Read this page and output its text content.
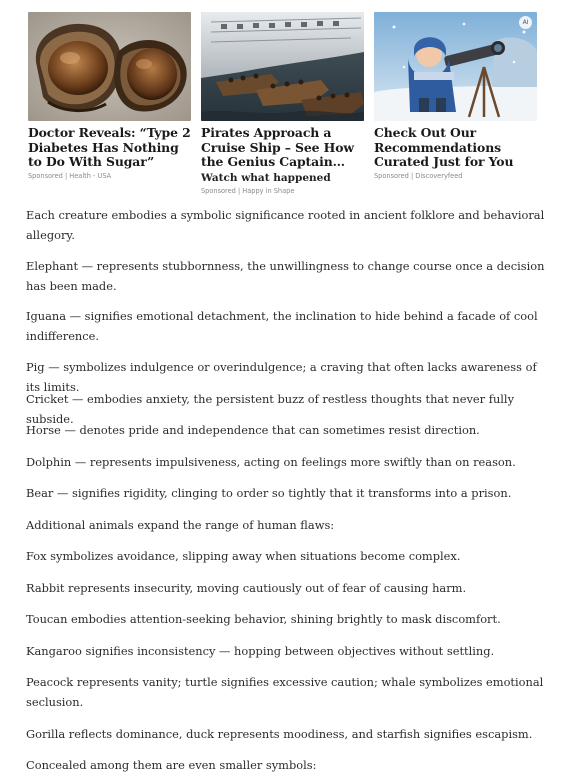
Doctor Reveals: “Type 2 Diabetes Has Nothing to Do With Sugar”
Sponsored | Health - USA
Pirates Approach a Cruise Ship – See How the Genius Captain…
Watch what happened
Sponsored | Happy in Shape
AI
Check Out Our Recommendations Curated Just for You
Sponsored | Discoveryfeed

Each creature embodies a symbolic significance rooted in ancient folklore and behavioral allegory.

Elephant — represents stubbornness, the unwillingness to change course once a decision has been made.

Iguana — signifies emotional detachment, the inclination to hide behind a facade of cool indifference.

Pig — symbolizes indulgence or overindulgence; a craving that often lacks awareness of its limits.

Cricket — embodies anxiety, the persistent buzz of restless thoughts that never fully subside.

Horse — denotes pride and independence that can sometimes resist direction.

Dolphin — represents impulsiveness, acting on feelings more swiftly than on reason.

Bear — signifies rigidity, clinging to order so tightly that it transforms into a prison.

Additional animals expand the range of human flaws:

Fox symbolizes avoidance, slipping away when situations become complex.

Rabbit represents insecurity, moving cautiously out of fear of causing harm.

Toucan embodies attention-seeking behavior, shining brightly to mask discomfort.

Kangaroo signifies inconsistency — hopping between objectives without settling.

Peacock represents vanity; turtle signifies excessive caution; whale symbolizes emotional seclusion.

Gorilla reflects dominance, duck represents moodiness, and starfish signifies escapism.

Concealed among them are even smaller symbols:
